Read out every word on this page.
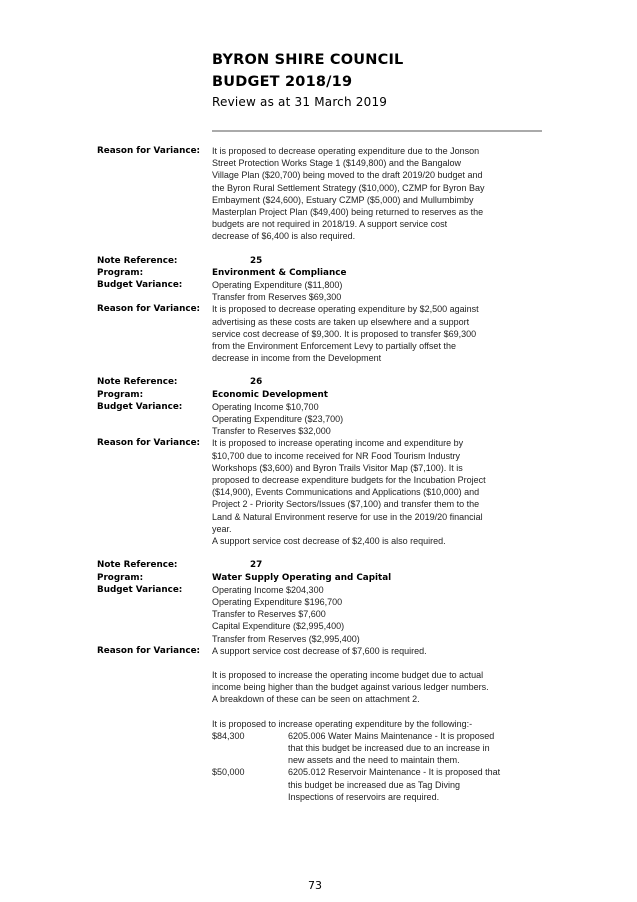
BYRON SHIRE COUNCIL
BUDGET 2018/19
Review as at 31 March 2019
Reason for Variance:	It is proposed to decrease operating expenditure due to the Jonson
Street Protection Works Stage 1 ($149,800) and the Bangalow
Village Plan ($20,700) being moved to the draft 2019/20 budget and
the Byron Rural Settlement Strategy ($10,000), CZMP for Byron Bay
Embayment ($24,600), Estuary CZMP ($5,000) and Mullumbimby
Masterplan Project Plan ($49,400) being returned to reserves as the
budgets are not required in 2018/19. A support service cost
decrease of $6,400 is also required.
Note Reference:	25
Program:	Environment & Compliance
Budget Variance:	Operating Expenditure ($11,800)
Transfer from Reserves $69,300
Reason for Variance:	It is proposed to decrease operating expenditure by $2,500 against
advertising as these costs are taken up elsewhere and a support
service cost decrease of $9,300. It is proposed to transfer $69,300
from the Environment Enforcement Levy to partially offset the
decrease in income from the Development
Note Reference:	26
Program:	Economic Development
Budget Variance:	Operating Income $10,700
Operating Expenditure ($23,700)
Transfer to Reserves $32,000
Reason for Variance:	It is proposed to increase operating income and expenditure by
$10,700 due to income received for NR Food Tourism Industry
Workshops ($3,600) and Byron Trails Visitor Map ($7,100). It is
proposed to decrease expenditure budgets for the Incubation Project
($14,900), Events Communications and Applications ($10,000) and
Project 2 - Priority Sectors/Issues ($7,100) and transfer them to the
Land & Natural Environment reserve for use in the 2019/20 financial
year.
A support service cost decrease of $2,400 is also required.
Note Reference:	27
Program:	Water Supply Operating and Capital
Budget Variance:	Operating Income $204,300
Operating Expenditure $196,700
Transfer to Reserves $7,600
Capital Expenditure ($2,995,400)
Transfer from Reserves ($2,995,400)
Reason for Variance:	A support service cost decrease of $7,600 is required.
It is proposed to increase the operating income budget due to actual
income being higher than the budget against various ledger numbers.
A breakdown of these can be seen on attachment 2.
It is proposed to increase operating expenditure by the following:-
$84,300	6205.006 Water Mains Maintenance - It is proposed
that this budget be increased due to an increase in
new assets and the need to maintain them.
$50,000	6205.012 Reservoir Maintenance - It is proposed that
this budget be increased due as Tag Diving
Inspections of reservoirs are required.
73
